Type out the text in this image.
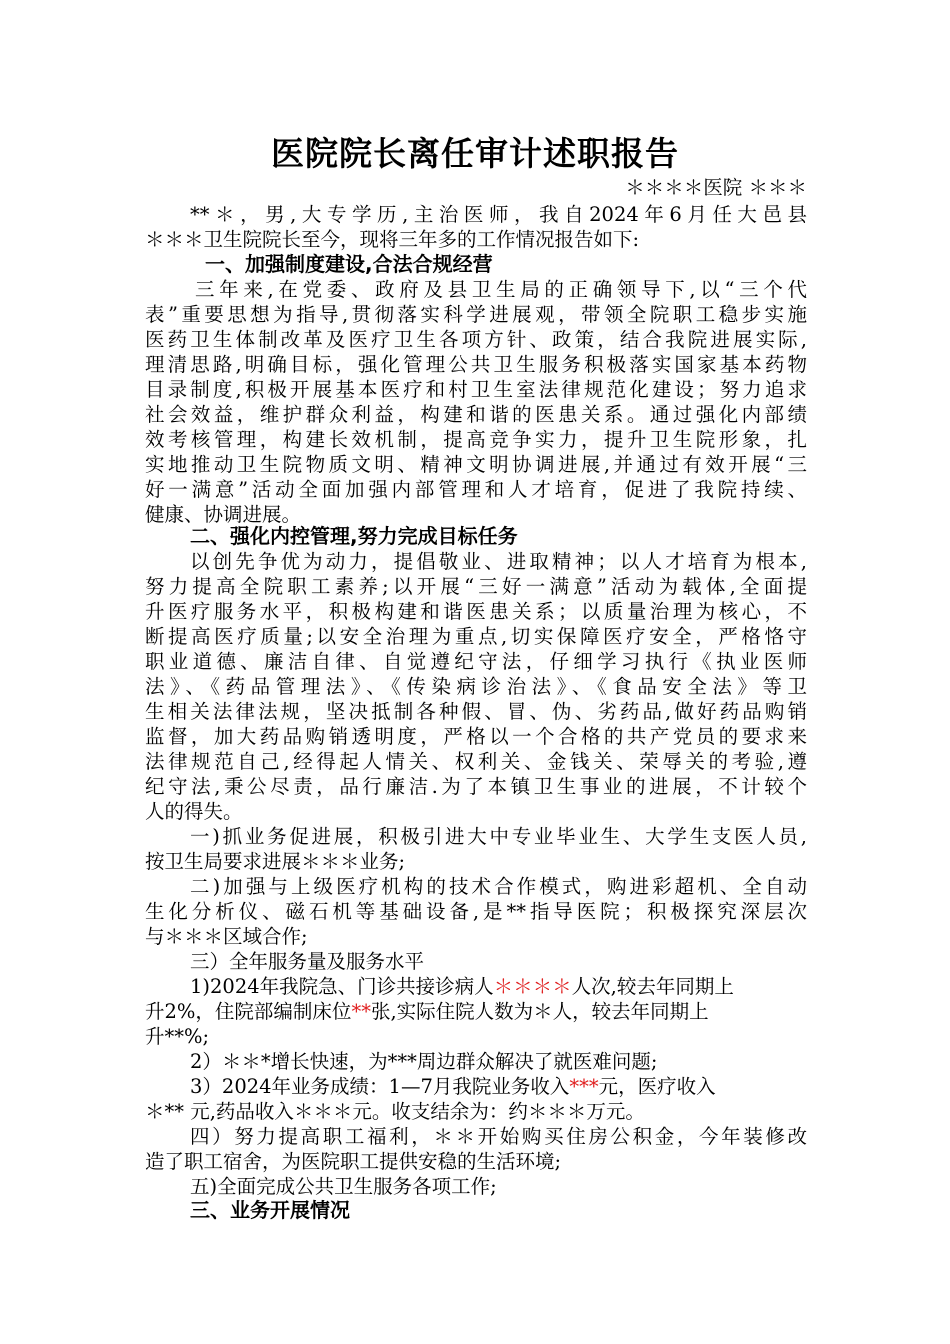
医院院长离任审计述职报告
＊＊＊＊医院 ＊＊＊
**＊，男,大专学历,主治医师，我自2024年6月任大邑县
＊＊＊卫生院院长至今，现将三年多的工作情况报告如下:
一、加强制度建设,合法合规经营
三年来,在党委、政府及县卫生局的正确领导下,以“三个代
表”重要思想为指导,贯彻落实科学进展观，带领全院职工稳步实施
医药卫生体制改革及医疗卫生各项方针、政策，结合我院进展实际,
理清思路,明确目标，强化管理公共卫生服务积极落实国家基本药物
目录制度,积极开展基本医疗和村卫生室法律规范化建设；努力追求
社会效益，维护群众利益，构建和谐的医患关系。通过强化内部绩
效考核管理，构建长效机制，提高竞争实力，提升卫生院形象，扎
实地推动卫生院物质文明、精神文明协调进展,并通过有效开展“三
好一满意”活动全面加强内部管理和人才培育，促进了我院持续、
健康、协调进展。
二、强化内控管理,努力完成目标任务
以创先争优为动力，提倡敬业、进取精神；以人才培育为根本,
努力提高全院职工素养;以开展“三好一满意”活动为载体,全面提
升医疗服务水平，积极构建和谐医患关系；以质量治理为核心，不
断提高医疗质量;以安全治理为重点,切实保障医疗安全，严格恪守
职业道德、廉洁自律、自觉遵纪守法，仔细学习执行《执业医师
法》、《药品管理法》、《传染病诊治法》、《食品安全法》等卫
生相关法律法规，坚决抵制各种假、冒、伪、劣药品,做好药品购销
监督，加大药品购销透明度，严格以一个合格的共产党员的要求来
法律规范自己,经得起人情关、权利关、金钱关、荣辱关的考验,遵
纪守法,秉公尽责，品行廉洁.为了本镇卫生事业的进展，不计较个
人的得失。
一)抓业务促进展，积极引进大中专业毕业生、大学生支医人员,
按卫生局要求进展＊＊＊业务;
二)加强与上级医疗机构的技术合作模式，购进彩超机、全自动
生化分析仪、磁石机等基础设备,是**指导医院；积极探究深层次
与＊＊＊区域合作;
三）全年服务量及服务水平
1)2024年我院急、门诊共接诊病人＊＊＊＊人次,较去年同期上
升2%，住院部编制床位**张,实际住院人数为＊人，较去年同期上
升**%;
2）＊＊*增长快速，为***周边群众解决了就医难问题;
3）2024年业务成绩：1—7月我院业务收入***元，医疗收入
＊** 元,药品收入＊＊＊元。收支结余为：约＊＊＊万元。
四）努力提高职工福利，＊＊开始购买住房公积金，今年装修改
造了职工宿舍，为医院职工提供安稳的生活环境;
五)全面完成公共卫生服务各项工作;
三、业务开展情况
